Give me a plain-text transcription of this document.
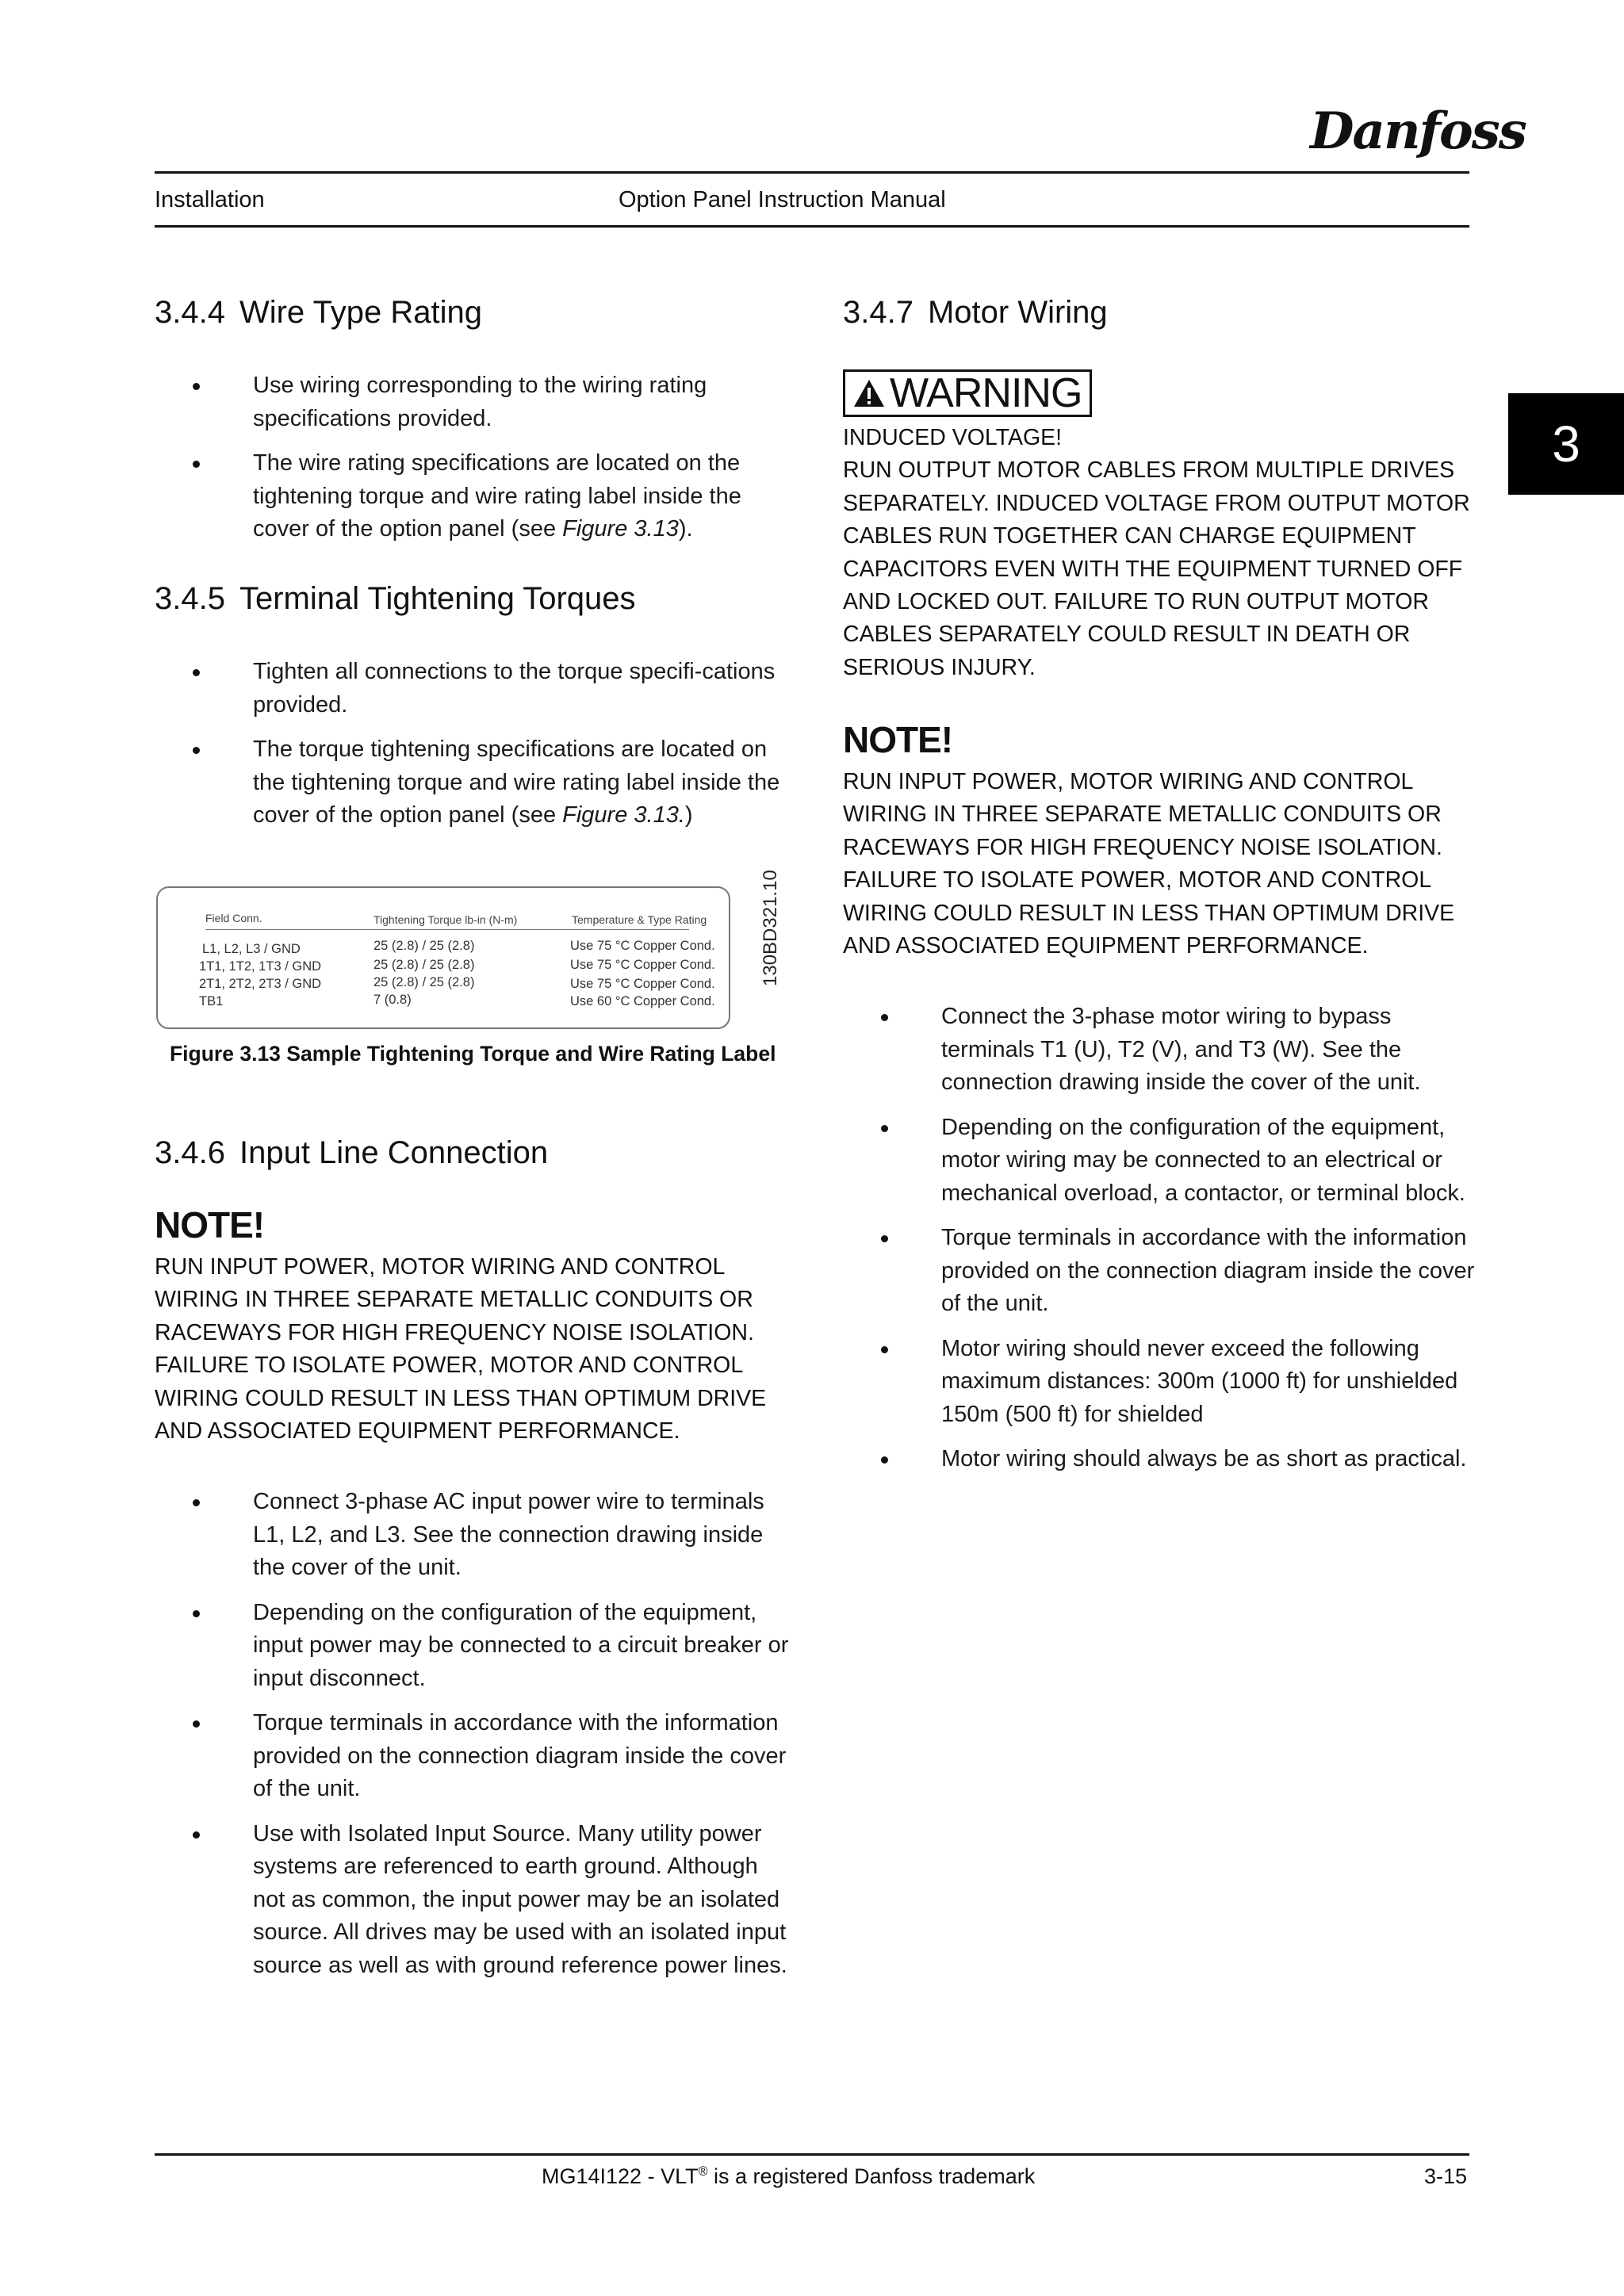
Danfoss
Installation	Option Panel Instruction Manual
3
3.4.4 Wire Type Rating
Use wiring corresponding to the wiring rating specifications provided.
The wire rating specifications are located on the tightening torque and wire rating label inside the cover of the option panel (see Figure 3.13).
3.4.5 Terminal Tightening Torques
Tighten all connections to the torque specifi-cations provided.
The torque tightening specifications are located on the tightening torque and wire rating label inside the cover of the option panel (see Figure 3.13.)
Field Conn.	Tightening Torque lb-in (N-m)	Temperature & Type Rating
L1, L2, L3 / GND	25 (2.8) / 25 (2.8)	Use 75 °C Copper Cond.
1T1, 1T2, 1T3 / GND	25 (2.8) / 25 (2.8)	Use 75 °C Copper Cond.
2T1, 2T2, 2T3 / GND	25 (2.8) / 25 (2.8)	Use 75 °C Copper Cond.
TB1	7 (0.8)	Use 60 °C Copper Cond.
130BD321.10
Figure 3.13 Sample Tightening Torque and Wire Rating Label
3.4.6 Input Line Connection
NOTE!
RUN INPUT POWER, MOTOR WIRING AND CONTROL
WIRING IN THREE SEPARATE METALLIC CONDUITS OR
RACEWAYS FOR HIGH FREQUENCY NOISE ISOLATION.
FAILURE TO ISOLATE POWER, MOTOR AND CONTROL
WIRING COULD RESULT IN LESS THAN OPTIMUM DRIVE
AND ASSOCIATED EQUIPMENT PERFORMANCE.
Connect 3-phase AC input power wire to terminals L1, L2, and L3. See the connection drawing inside the cover of the unit.
Depending on the configuration of the equipment, input power may be connected to a circuit breaker or input disconnect.
Torque terminals in accordance with the information provided on the connection diagram inside the cover of the unit.
Use with Isolated Input Source. Many utility power systems are referenced to earth ground. Although not as common, the input power may be an isolated source. All drives may be used with an isolated input source as well as with ground reference power lines.
3.4.7 Motor Wiring
WARNING
INDUCED VOLTAGE!
RUN OUTPUT MOTOR CABLES FROM MULTIPLE DRIVES
SEPARATELY. INDUCED VOLTAGE FROM OUTPUT MOTOR
CABLES RUN TOGETHER CAN CHARGE EQUIPMENT
CAPACITORS EVEN WITH THE EQUIPMENT TURNED OFF
AND LOCKED OUT. FAILURE TO RUN OUTPUT MOTOR
CABLES SEPARATELY COULD RESULT IN DEATH OR
SERIOUS INJURY.
NOTE!
RUN INPUT POWER, MOTOR WIRING AND CONTROL
WIRING IN THREE SEPARATE METALLIC CONDUITS OR
RACEWAYS FOR HIGH FREQUENCY NOISE ISOLATION.
FAILURE TO ISOLATE POWER, MOTOR AND CONTROL
WIRING COULD RESULT IN LESS THAN OPTIMUM DRIVE
AND ASSOCIATED EQUIPMENT PERFORMANCE.
Connect the 3-phase motor wiring to bypass terminals T1 (U), T2 (V), and T3 (W). See the connection drawing inside the cover of the unit.
Depending on the configuration of the equipment, motor wiring may be connected to an electrical or mechanical overload, a contactor, or terminal block.
Torque terminals in accordance with the information provided on the connection diagram inside the cover of the unit.
Motor wiring should never exceed the following maximum distances: 300m (1000 ft) for unshielded 150m (500 ft) for shielded
Motor wiring should always be as short as practical.
MG14I122 - VLT® is a registered Danfoss trademark	3-15
